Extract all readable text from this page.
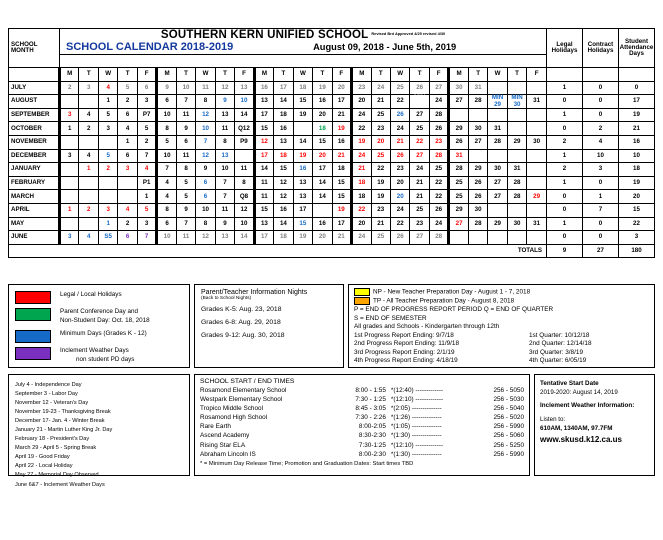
SCHOOL
MONTH

SOUTHERN KERN UNIFIED SCHOOL $^{Revised Brd Approved 4/25 revised 4/30}$
SCHOOL CALENDAR 2018-2019	August 09, 2018 - June 5th, 2019	Legal
Holidays

Contract
Holidays

Student
Attendance
Days

	M	T	W	T	F	M	T	W	T	F	M	T	W	T	F	M	T	W	T	F	M	T	W	T	F			
JULY	2	3	4	5	6	9	10	11	12	13	16	17	18	19	20	23	24	25	26	27	30	31				1	0	0
AUGUST			1	2	3	6	7	8	9	10	13	14	15	16	17	20	21	22	MIN 23	24	27	28	MIN 29	MIN 30	31	0	0	17
SEPTEMBER	3	4	5	6	P7	10	11	12	13	14	17	18	19	20	21	24	25	26	27	28						1	0	19
OCTOBER	1	2	3	4	5	8	9	10	11	Q12	15	16	17	18	19	22	23	24	25	26	29	30	31			0	2	21
NOVEMBER				1	2	5	6	7	8	P9	12	13	14	15	16	19	20	21	22	23	26	27	28	29	30	2	4	16
DECEMBER	3	4	5	6	7	10	11	12	13	S14	17	18	19	20	21	24	25	26	27	28	31					1	10	10
JANUARY		1	2	3	4	7	8	9	10	11	14	15	16	17	18	21	22	23	24	25	28	29	30	31		2	3	18
FEBRUARY					P1	4	5	6	7	8	11	12	13	14	15	18	19	20	21	22	25	26	27	28		1	0	19
MARCH					1	4	5	6	7	Q8	11	12	13	14	15	18	19	20	21	22	25	26	27	28	29	0	1	20
APRIL	1	2	3	4	5	8	9	10	11	12	15	16	17	P18	19	22	23	24	25	26	29	30				0	7	15
MAY			1	2	3	6	7	8	9	10	13	14	15	16	17	20	21	22	23	24	27	28	29	30	31	1	0	22
JUNE	3	4	S5	6	7	10	11	12	13	14	17	18	19	20	21	24	25	26	27	28						0	0	3
TOTALS																										9	27	180
Legal / Local Holidays
Parent Conference Day and
Non-Student Day: Oct. 18, 2018
Minimum Days (Grades K - 12)
Inclement Weather Days
non student PD days
Parent/Teacher Information Nights

(Back to School Nights)

Grades K-5: Aug. 23, 2018

Grades 6-8: Aug. 29, 2018

Grades 9-12: Aug. 30, 2018

NP - New Teacher Preparation Day - August 1 - 7, 2018
TP - All Teacher Preparation Day - August 8, 2018
P = END OF PROGRESS REPORT PERIOD Q = END OF QUARTER
S = END OF SEMESTER
All grades and Schools - Kindergarten through 12th
1st Progress Report Ending: 9/7/18	1st Quarter: 10/12/18
2nd Progress Report Ending: 11/9/18	2nd Quarter: 12/14/18
3rd Progress Report Ending: 2/1/19	3rd Quarter: 3/8/19
4th Progress Report Ending: 4/18/19	4th Quarter: 6/05/19
July 4 - Independence Day
September 3 - Labor Day
November 12 - Veteran's Day
November 19-23 - Thanksgiving Break
December 17- Jan. 4 - Winter Break
January 21 - Martin Luther King Jr. Day
February 18 - President's Day
March 29 - April 5 - Spring Break
April 19 - Good Friday
April 22 - Local Holiday
May 27 - Memorial Day Observed
June 6&7 - Inclement Weather Days
SCHOOL START / END TIMES
Rosamond Elementary School	8:00 - 1:55 *(12:40) -------------	256 - 5050
Westpark Elementary School	7:30 - 1:25 *(12:10) -------------	256 - 5030
Tropico Middle School	8:45 - 3:05 *(2:05) --------------	256 - 5040
Rosamond High School	7:30 - 2:26 *(1:26) --------------	256 - 5020
Rare Earth	8:00-2:05 *(1:05) --------------	256 - 5990
Ascend Academy	8:30-2:30 *(1:30) --------------	256 - 5060
Rising Star ELA	7:30-1:25 *(12:10) -------------	256 - 5250
Abraham Lincoln IS	8:00-2:30 *(1:30) --------------	256 - 5990
* = Minimum Day Release Time; Promotion and Graduation Dates: Start times TBD
Tentative Start Date
2019-2020: August 14, 2019
Inclement Weather Information:
Listen to:
610AM, 1340AM, 97.7FM
www.skusd.k12.ca.us
